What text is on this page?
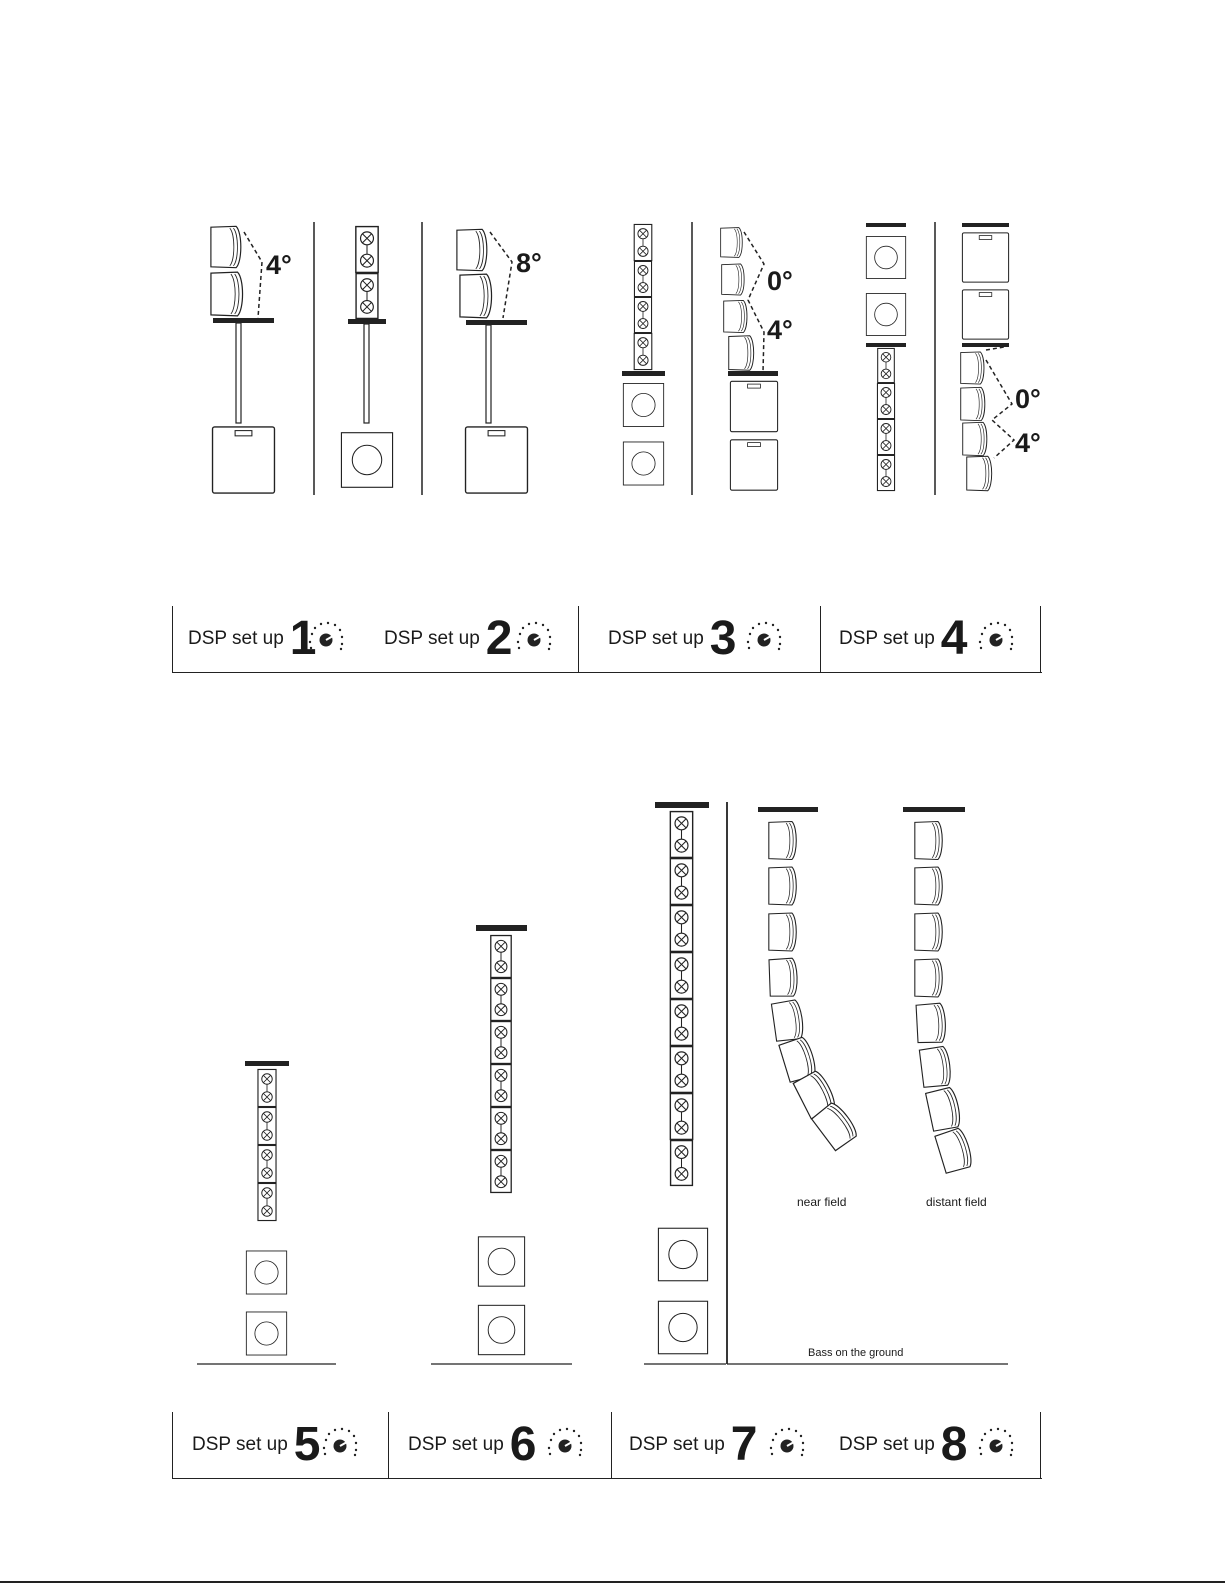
4°	8°
0°
4°
0°
4°
near field	distant field
Bass on the ground
DSP set up 1	DSP set up 2	DSP set up 3	DSP set up 4
DSP set up 5	DSP set up 6	DSP set up 7	DSP set up 8
